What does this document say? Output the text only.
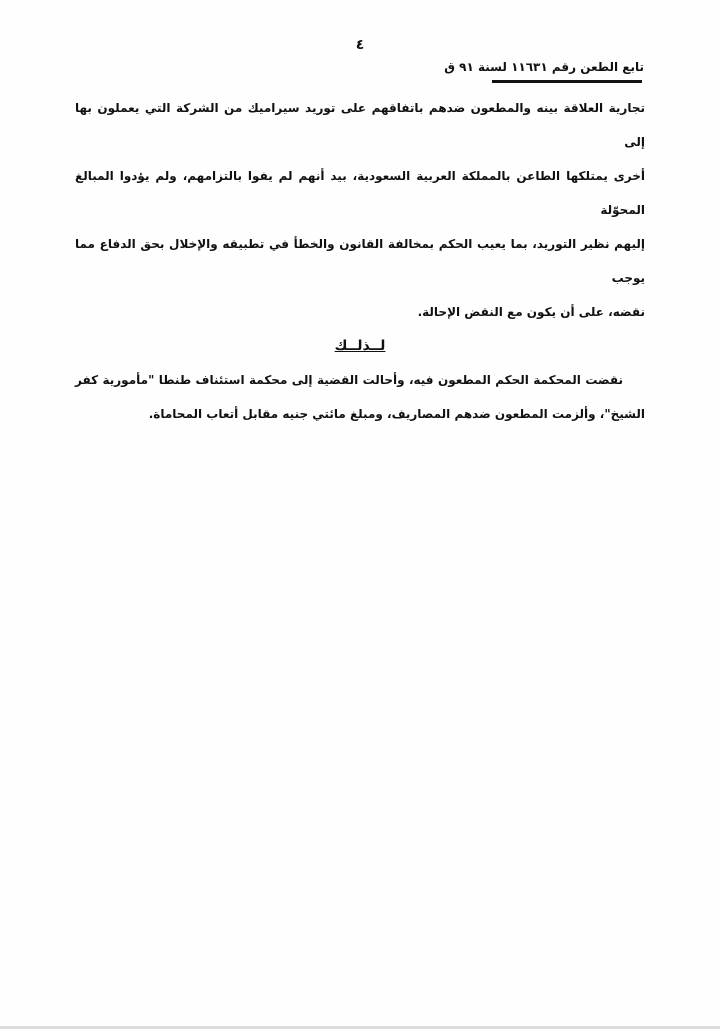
٤
تابع الطعن رقم ١١٦٣١ لسنة ٩١ ق
تجارية العلاقة بينه والمطعون ضدهم باتفاقهم على توريد سيراميك من الشركة التي يعملون بها إلى
أخرى يمتلكها الطاعن بالمملكة العربية السعودية، بيد أنهم لم يفوا بالتزامهم، ولم يؤدوا المبالغ المحوّلة
إليهم نظير التوريد، بما يعيب الحكم بمخالفة القانون والخطأ في تطبيقه والإخلال بحق الدفاع مما يوجب
نقضه، على أن يكون مع النقض الإحالة.
لــذلــك
نقضت المحكمة الحكم المطعون فيه، وأحالت القضية إلى محكمة استئناف طنطا "مأمورية كفر
الشيخ"، وألزمت المطعون ضدهم المصاريف، ومبلغ مائتي جنيه مقابل أتعاب المحاماة.
